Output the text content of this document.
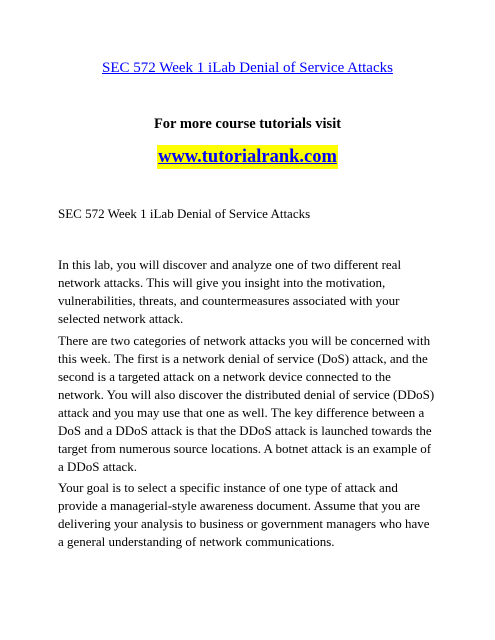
SEC 572 Week 1 iLab Denial of Service Attacks
For more course tutorials visit
www.tutorialrank.com
SEC 572 Week 1 iLab Denial of Service Attacks

In this lab, you will discover and analyze one of two different real
network attacks. This will give you insight into the motivation,
vulnerabilities, threats, and countermeasures associated with your
selected network attack.

There are two categories of network attacks you will be concerned with
this week. The first is a network denial of service (DoS) attack, and the
second is a targeted attack on a network device connected to the
network. You will also discover the distributed denial of service (DDoS)
attack and you may use that one as well. The key difference between a
DoS and a DDoS attack is that the DDoS attack is launched towards the
target from numerous source locations. A botnet attack is an example of
a DDoS attack.

Your goal is to select a specific instance of one type of attack and
provide a managerial-style awareness document. Assume that you are
delivering your analysis to business or government managers who have
a general understanding of network communications.
